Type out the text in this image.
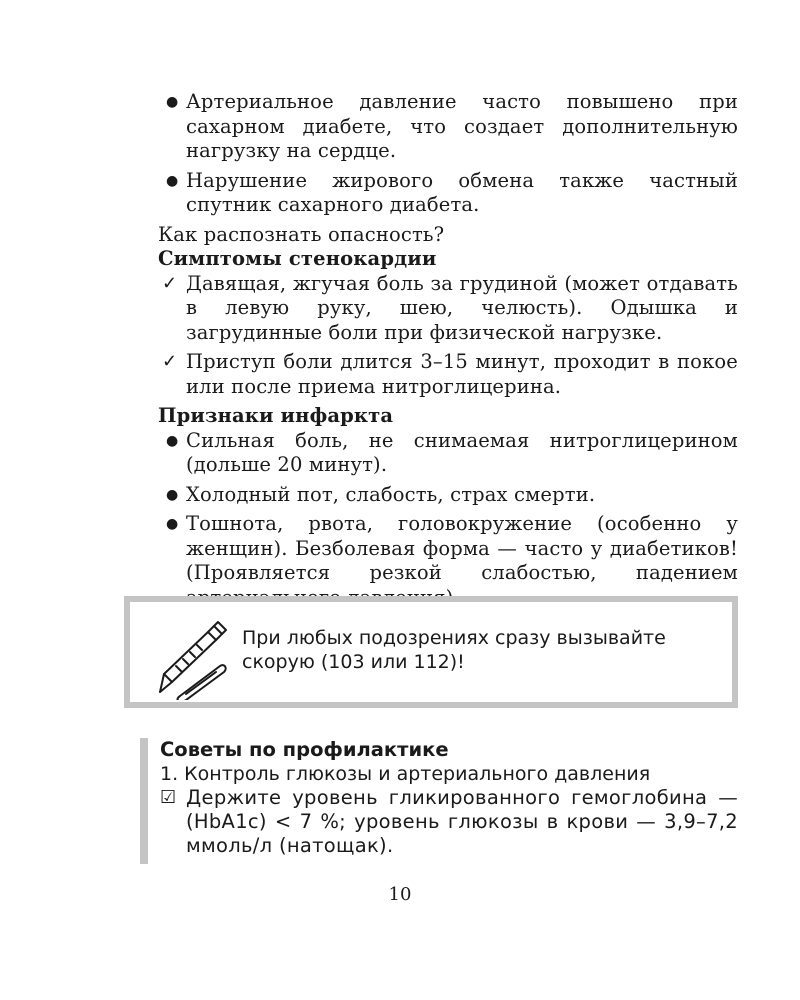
● Артериальное давление часто повышено при сахарном диабете, что создает дополнительную нагрузку на сердце.
● Нарушение жирового обмена также частный спутник сахарного диабета.

Как распознать опасность?

Симптомы стенокардии

✓ Давящая, жгучая боль за грудиной (может отдавать в левую руку, шею, челюсть). Одышка и загрудинные боли при физической нагрузке.
✓ Приступ боли длится 3–15 минут, проходит в покое или после приема нитроглицерина.

Признаки инфаркта

● Сильная боль, не снимаемая нитроглицерином (дольше 20 минут).
● Холодный пот, слабость, страх смерти.
● Тошнота, рвота, головокружение (особенно у женщин). Безболевая форма — часто у диабетиков! (Проявляется резкой слабостью, падением
При любых подозрениях сразу вызывайте скорую (103 или 112)!

Советы по профилактике

1. Контроль глюкозы и артериального давления

☑ Держите уровень гликированного гемоглобина — (HbA1c) < 7 %; уровень глюкозы в крови — 3,9–7,2 ммоль/л (натощак).
10
